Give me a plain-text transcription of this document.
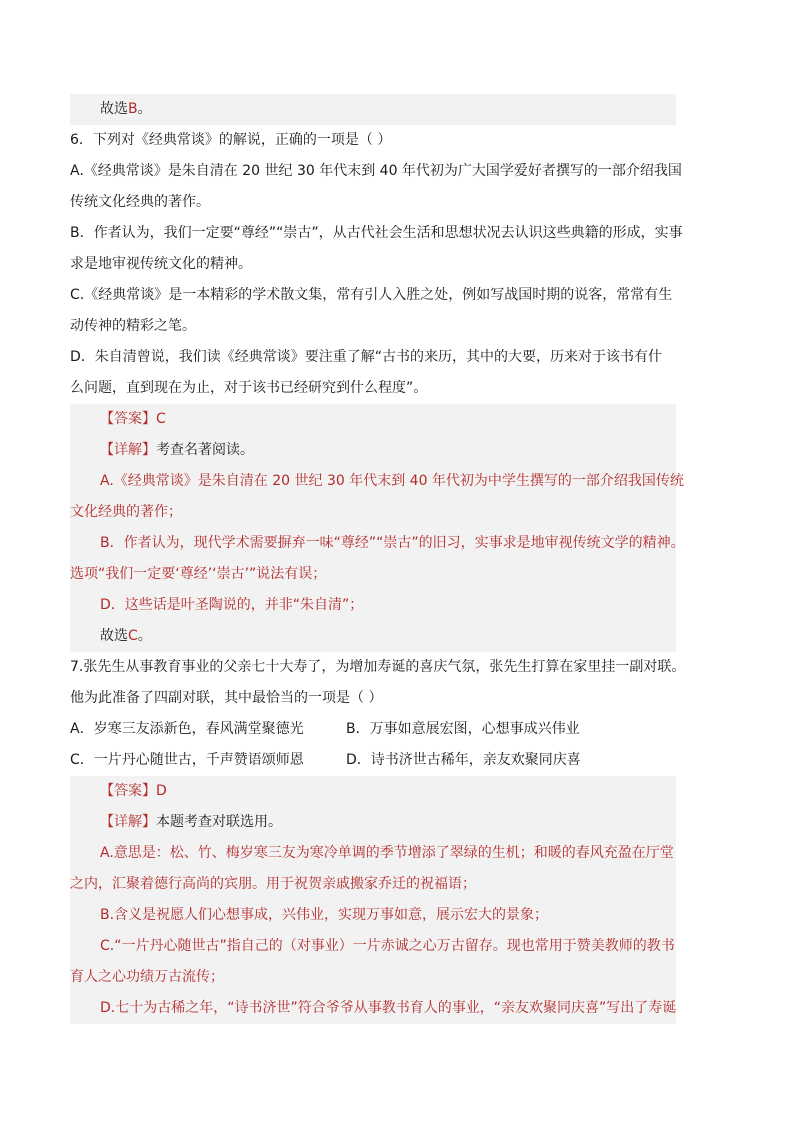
故选B。
6．下列对《经典常谈》的解说，正确的一项是（ ）
A.《经典常谈》是朱自清在 20 世纪 30 年代末到 40 年代初为广大国学爱好者撰写的一部介绍我国
传统文化经典的著作。
B．作者认为，我们一定要“尊经”“崇古”，从古代社会生活和思想状况去认识这些典籍的形成，实事
求是地审视传统文化的精神。
C.《经典常谈》是一本精彩的学术散文集，常有引人入胜之处，例如写战国时期的说客，常常有生
动传神的精彩之笔。
D．朱自清曾说，我们读《经典常谈》要注重了解“古书的来历，其中的大要，历来对于该书有什
么问题，直到现在为止，对于该书已经研究到什么程度”。
【答案】C
【详解】考查名著阅读。
A.《经典常谈》是朱自清在 20 世纪 30 年代末到 40 年代初为中学生撰写的一部介绍我国传统
文化经典的著作；
B．作者认为，现代学术需要摒弃一味“尊经”“崇古”的旧习，实事求是地审视传统文学的精神。
选项“我们一定要‘尊经’‘崇古’”说法有误；
D．这些话是叶圣陶说的，并非“朱自清”；
故选C。
7.张先生从事教育事业的父亲七十大寿了，为增加寿诞的喜庆气氛，张先生打算在家里挂一副对联。
他为此准备了四副对联，其中最恰当的一项是（ ）
A．岁寒三友添新色，春风满堂聚德光	B．万事如意展宏图，心想事成兴伟业
C．一片丹心随世古，千声赞语颂师恩	D．诗书济世古稀年，亲友欢聚同庆喜
【答案】D
【详解】本题考查对联选用。
A.意思是：松、竹、梅岁寒三友为寒冷单调的季节增添了翠绿的生机；和暖的春风充盈在厅堂
之内，汇聚着德行高尚的宾朋。用于祝贺亲戚搬家乔迁的祝福语；
B.含义是祝愿人们心想事成，兴伟业，实现万事如意，展示宏大的景象；
C.“一片丹心随世古”指自己的（对事业）一片赤诚之心万古留存。现也常用于赞美教师的教书
育人之心功绩万古流传；
D.七十为古稀之年，“诗书济世”符合爷爷从事教书育人的事业，“亲友欢聚同庆喜”写出了寿诞
